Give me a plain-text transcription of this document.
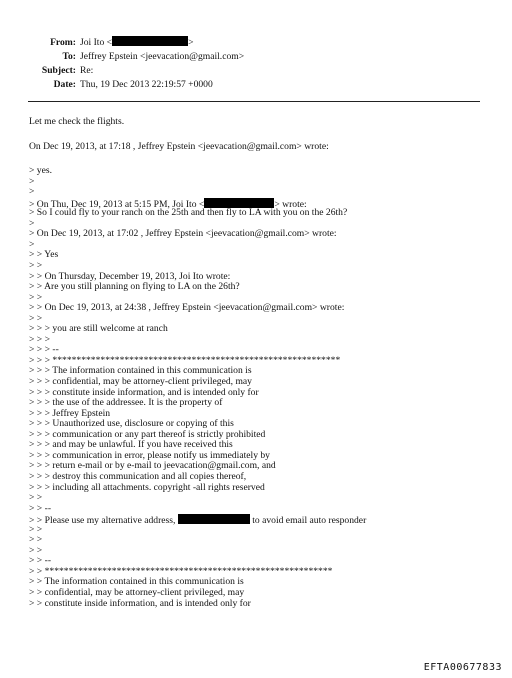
From: Joi Ito <	>
To: Jeffrey Epstein <jeevacation@gmail.com>
Subject: Re:
Date: Thu, 19 Dec 2013 22:19:57 +0000
Let me check the flights.
On Dec 19, 2013, at 17:18 , Jeffrey Epstein <jeevacation@gmail.com> wrote:
> yes.
>
>
> On Thu, Dec 19, 2013 at 5:15 PM, Joi Ito <	> wrote:
> So I could fly to your ranch on the 25th and then fly to LA with you on the 26th?
>
> On Dec 19, 2013, at 17:02 , Jeffrey Epstein <jeevacation@gmail.com> wrote:
>
> > Yes
> >
> > On Thursday, December 19, 2013, Joi Ito wrote:
> > Are you still planning on flying to LA on the 26th?
> >
> > On Dec 19, 2013, at 24:38 , Jeffrey Epstein <jeevacation@gmail.com> wrote:
> >
> > > you are still welcome at ranch
> > >
> > > --
> > > ************************************************************
> > > The information contained in this communication is
> > > confidential, may be attorney-client privileged, may
> > > constitute inside information, and is intended only for
> > > the use of the addressee. It is the property of
> > > Jeffrey Epstein
> > > Unauthorized use, disclosure or copying of this
> > > communication or any part thereof is strictly prohibited
> > > and may be unlawful. If you have received this
> > > communication in error, please notify us immediately by
> > > return e-mail or by e-mail to jeevacation@gmail.com, and
> > > destroy this communication and all copies thereof,
> > > including all attachments. copyright -all rights reserved
> >
> > --
> > Please use my alternative address,	to avoid email auto responder
> >
> >
> >
> > --
> > ************************************************************
> > The information contained in this communication is
> > confidential, may be attorney-client privileged, may
> > constitute inside information, and is intended only for
EFTA00677833
